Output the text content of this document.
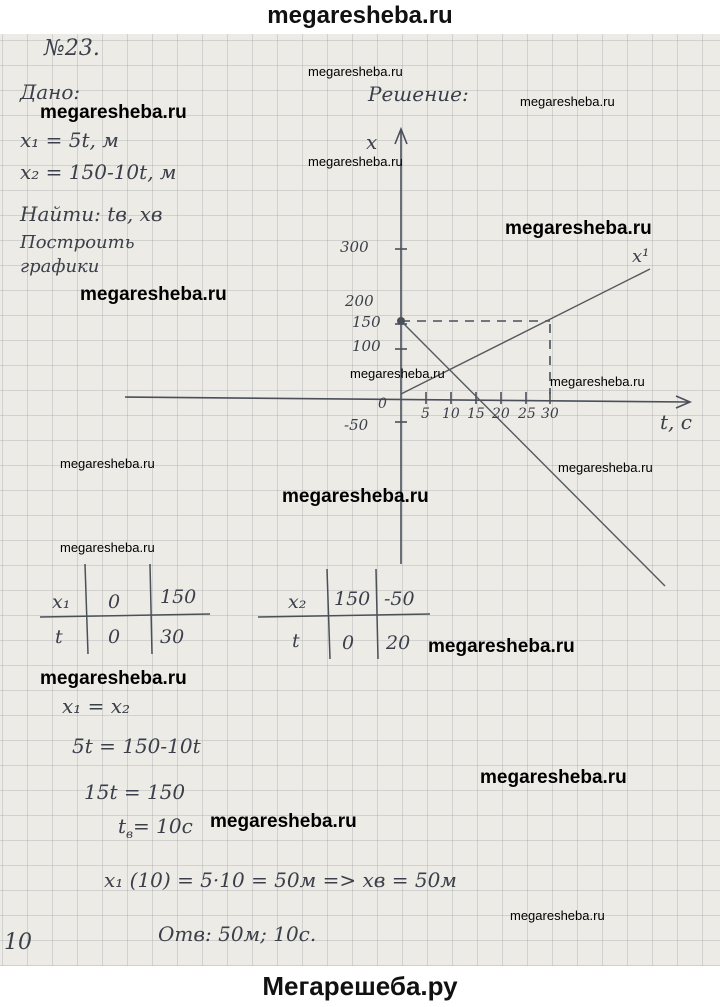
megaresheba.ru
№23.
Дано:
x₁ = 5t, м
x₂ = 150-10t, м
Найти: tв, xв
Построить
графики
Решение:
x
t, c
x¹
300
200
150
100
-50
0
5 10 15 20 25 30
x₁ 0 150
t 0 30
x₂ 150 -50
t 0 20
x₁ = x₂
5t = 150-10t
15t = 150
$t_в= 10c$
x₁ (10) = 5·10 = 50м => xв = 50м
Отв: 50м; 10с.
10
megaresheba.ru
megaresheba.ru
megaresheba.ru
megaresheba.ru
megaresheba.ru
megaresheba.ru
megaresheba.ru
megaresheba.ru
megaresheba.ru	megaresheba.ru
megaresheba.ru
megaresheba.ru
megaresheba.ru
megaresheba.ru
megaresheba.ru
megaresheba.ru
megaresheba.ru
Мегарешеба.ру
